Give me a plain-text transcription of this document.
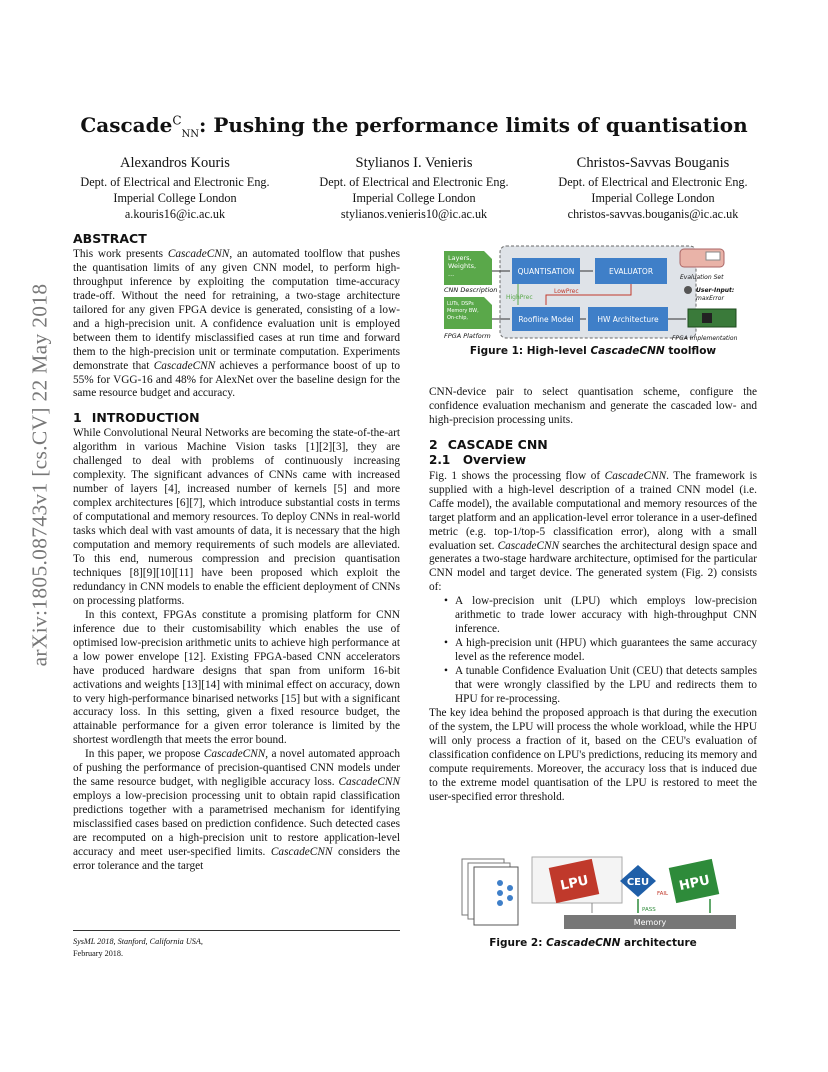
arXiv:1805.08743v1 [cs.CV] 22 May 2018
Cascade$^C_{NN}$: Pushing the performance limits of quantisation
Alexandros Kouris
Dept. of Electrical and Electronic Eng.
Imperial College London
a.kouris16@ic.ac.uk
Stylianos I. Venieris
Dept. of Electrical and Electronic Eng.
Imperial College London
stylianos.venieris10@ic.ac.uk
Christos-Savvas Bouganis
Dept. of Electrical and Electronic Eng.
Imperial College London
christos-savvas.bouganis@ic.ac.uk
ABSTRACT

This work presents CascadeCNN, an automated toolflow that pushes the quantisation limits of any given CNN model, to perform high-throughput inference by exploiting the computation time-accuracy trade-off. Without the need for retraining, a two-stage architecture tailored for any given FPGA device is generated, consisting of a low- and a high-precision unit. A confidence evaluation unit is employed between them to identify misclassified cases at run time and forward them to the high-precision unit or terminate computation. Experiments demonstrate that CascadeCNN achieves a performance boost of up to 55% for VGG-16 and 48% for AlexNet over the baseline design for the same resource budget and accuracy.

1 INTRODUCTION

While Convolutional Neural Networks are becoming the state-of-the-art algorithm in various Machine Vision tasks [1][2][3], they are challenged to deal with problems of continuously increasing complexity. The significant advances of CNNs came with increased number of layers [4], increased number of kernels [5] and more complex architectures [6][7], which introduce substantial costs in terms of computational and memory resources. To deploy CNNs in real-world tasks which deal with vast amounts of data, it is necessary that the high computation and memory requirements of such models are alleviated. To this end, numerous compression and precision quantisation techniques [8][9][10][11] have been proposed which exploit the redundancy in CNN models to enable the efficient deployment of CNNs on processing platforms.

In this context, FPGAs constitute a promising platform for CNN inference due to their customisability which enables the use of optimised low-precision arithmetic units to achieve high performance at a low power envelope [12]. Existing FPGA-based CNN accelerators have produced hardware designs that span from uniform 16-bit activations and weights [13][14] with minimal effect on accuracy, down to very high-performance binarised networks [15] but with a significant accuracy loss. In this setting, given a fixed resource budget, the attainable performance for a given error tolerance is limited by the shortest wordlength that meets the error bound.

In this paper, we propose CascadeCNN, a novel automated approach of pushing the performance of precision-quantised CNN models under the same resource budget, with negligible accuracy loss. CascadeCNN employs a low-precision processing unit to obtain rapid classification predictions together with a parametrised mechanism for identifying misclassified cases based on prediction confidence. Such detected cases are recomputed on a high-precision unit to restore application-level accuracy and meet user-specified limits. CascadeCNN considers the error tolerance and the target

Layers,
Weights,
...
CNN Description
LUTs, DSPs
Memory BW,
On-chip,
FPGA Platform
QUANTISATION	EVALUATOR
Roofline Model	HW Architecture
HighPrec
LowPrec
Evaluation Set
User-Input:
maxError
FPGA Implementation
Figure 1: High-level CascadeCNN toolflow

CNN-device pair to select quantisation scheme, configure the confidence evaluation mechanism and generate the cascaded low- and high-precision processing units.

2 CASCADE CNN
2.1 Overview

Fig. 1 shows the processing flow of CascadeCNN. The framework is supplied with a high-level description of a trained CNN model (i.e. Caffe model), the available computational and memory resources of the target platform and an application-level error tolerance in a user-defined metric (e.g. top-1/top-5 classification error), along with a small evaluation set. CascadeCNN searches the architectural design space and generates a two-stage hardware architecture, optimised for the particular CNN model and target device. The generated system (Fig. 2) consists of:

• A low-precision unit (LPU) which employs low-precision arithmetic to trade lower accuracy with high-throughput CNN inference.
• A high-precision unit (HPU) which guarantees the same accuracy level as the reference model.
• A tunable Confidence Evaluation Unit (CEU) that detects samples that were wrongly classified by the LPU and redirects them to HPU for re-processing.

The key idea behind the proposed approach is that during the execution of the system, the LPU will process the whole workload, while the HPU will only process a fraction of it, based on the CEU's evaluation of classification confidence on LPU's predictions, reducing its memory and compute requirements. Moreover, the accuracy loss that is induced due to the extreme model quantisation of the LPU is restored to meet the user-specified error threshold.

LPU	CEU
FAIL
PASS
HPU
Memory
Figure 2: CascadeCNN architecture
SysML 2018, Stanford, California USA,
February 2018.
